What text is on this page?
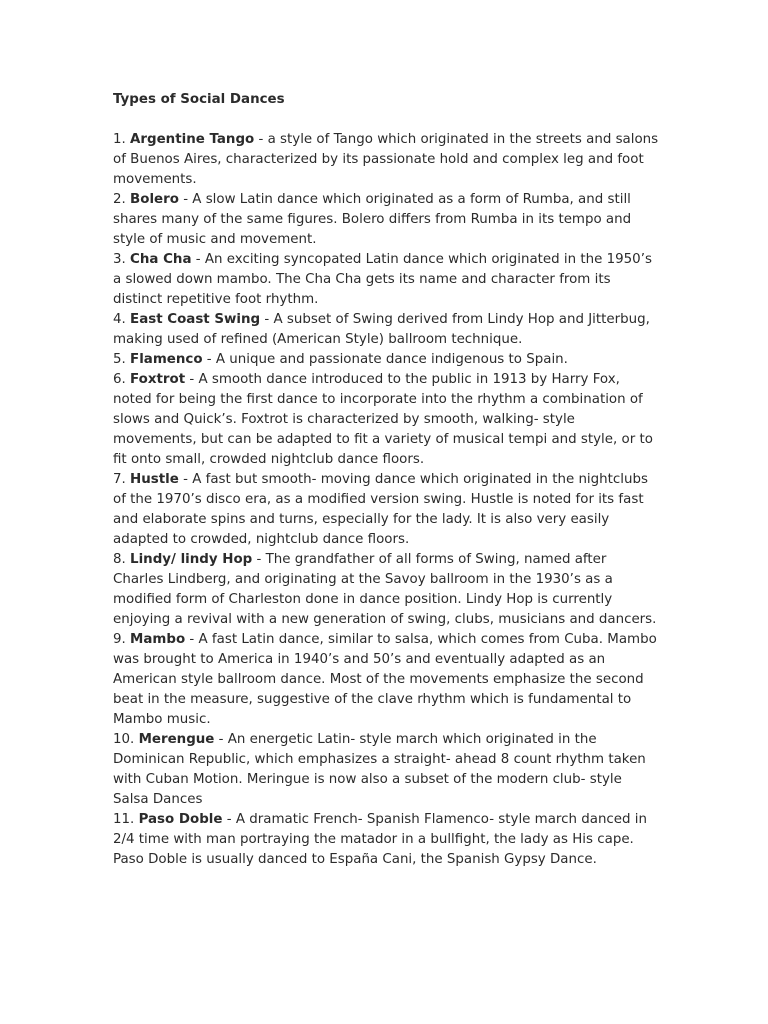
Types of Social Dances

1. Argentine Tango - a style of Tango which originated in the streets and salons of Buenos Aires, characterized by its passionate hold and complex leg and foot movements.

2. Bolero - A slow Latin dance which originated as a form of Rumba, and still shares many of the same figures. Bolero differs from Rumba in its tempo and style of music and movement.

3. Cha Cha - An exciting syncopated Latin dance which originated in the 1950’s a slowed down mambo. The Cha Cha gets its name and character from its distinct repetitive foot rhythm.

4. East Coast Swing - A subset of Swing derived from Lindy Hop and Jitterbug, making used of refined (American Style) ballroom technique.

5. Flamenco - A unique and passionate dance indigenous to Spain.

6. Foxtrot - A smooth dance introduced to the public in 1913 by Harry Fox, noted for being the first dance to incorporate into the rhythm a combination of slows and Quick’s. Foxtrot is characterized by smooth, walking- style movements, but can be adapted to fit a variety of musical tempi and style, or to fit onto small, crowded nightclub dance floors.

7. Hustle - A fast but smooth- moving dance which originated in the nightclubs of the 1970’s disco era, as a modified version swing. Hustle is noted for its fast and elaborate spins and turns, especially for the lady. It is also very easily adapted to crowded, nightclub dance floors.

8. Lindy/ lindy Hop - The grandfather of all forms of Swing, named after Charles Lindberg, and originating at the Savoy ballroom in the 1930’s as a modified form of Charleston done in dance position. Lindy Hop is currently enjoying a revival with a new generation of swing, clubs, musicians and dancers.

9. Mambo - A fast Latin dance, similar to salsa, which comes from Cuba. Mambo was brought to America in 1940’s and 50’s and eventually adapted as an American style ballroom dance. Most of the movements emphasize the second beat in the measure, suggestive of the clave rhythm which is fundamental to Mambo music.

10. Merengue - An energetic Latin- style march which originated in the Dominican Republic, which emphasizes a straight- ahead 8 count rhythm taken with Cuban Motion. Meringue is now also a subset of the modern club- style Salsa Dances

11. Paso Doble - A dramatic French- Spanish Flamenco- style march danced in 2/4 time with man portraying the matador in a bullfight, the lady as His cape. Paso Doble is usually danced to España Cani, the Spanish Gypsy Dance.
